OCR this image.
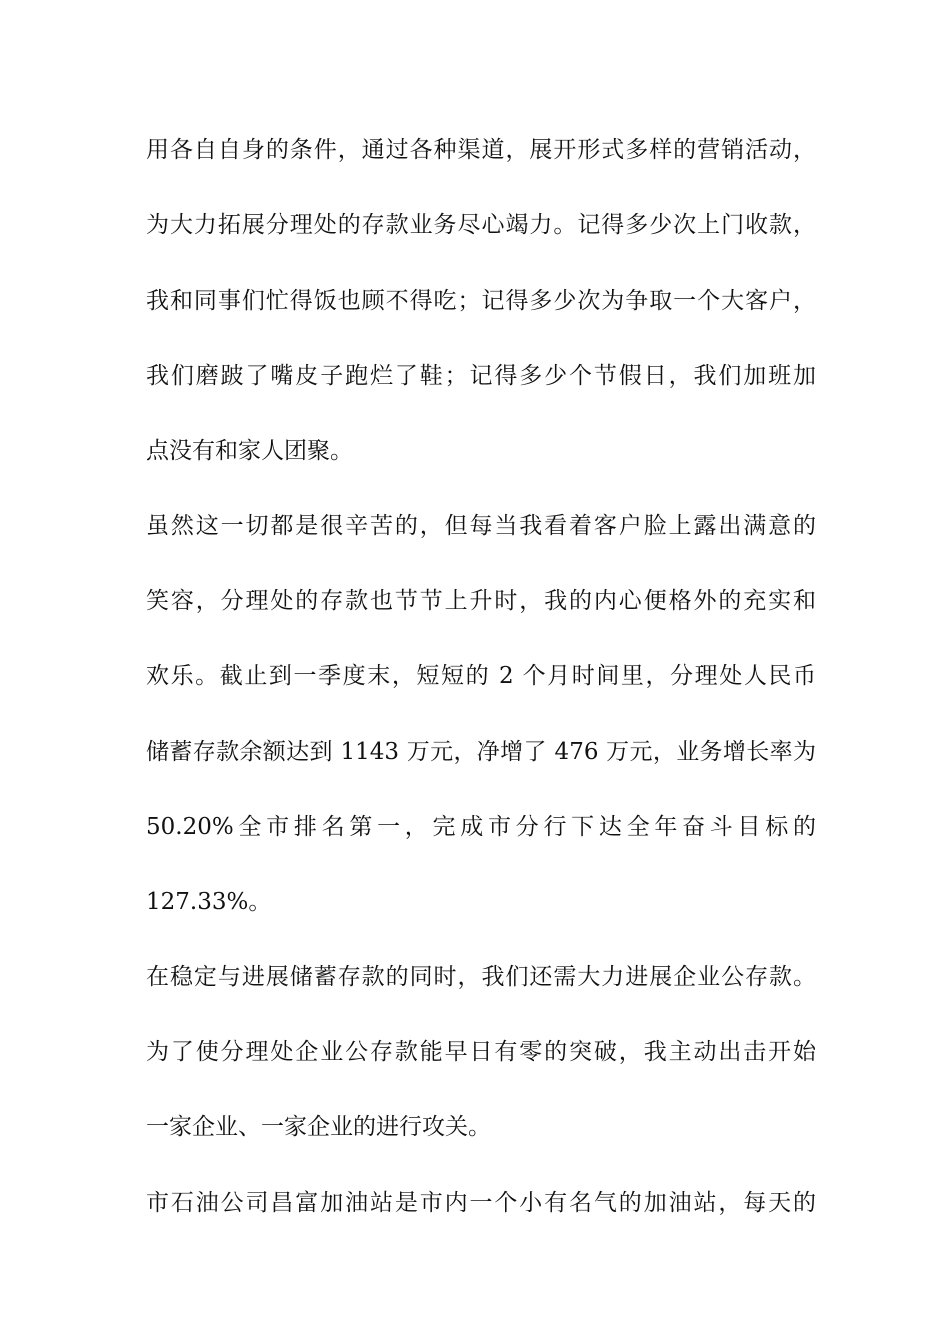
用各自自身的条件，通过各种渠道，展开形式多样的营销活动，
为大力拓展分理处的存款业务尽心竭力。记得多少次上门收款，
我和同事们忙得饭也顾不得吃；记得多少次为争取一个大客户，
我们磨跛了嘴皮子跑烂了鞋；记得多少个节假日，我们加班加
点没有和家人团聚。
虽然这一切都是很辛苦的，但每当我看着客户脸上露出满意的
笑容，分理处的存款也节节上升时，我的内心便格外的充实和
欢乐。截止到一季度末，短短的 2 个月时间里，分理处人民币
储蓄存款余额达到 1143 万元，净增了 476 万元，业务增长率为
50.20%全市排名第一，完成市分行下达全年奋斗目标的
127.33%。
在稳定与进展储蓄存款的同时，我们还需大力进展企业公存款。
为了使分理处企业公存款能早日有零的突破，我主动出击开始
一家企业、一家企业的进行攻关。
市石油公司昌富加油站是市内一个小有名气的加油站，每天的
